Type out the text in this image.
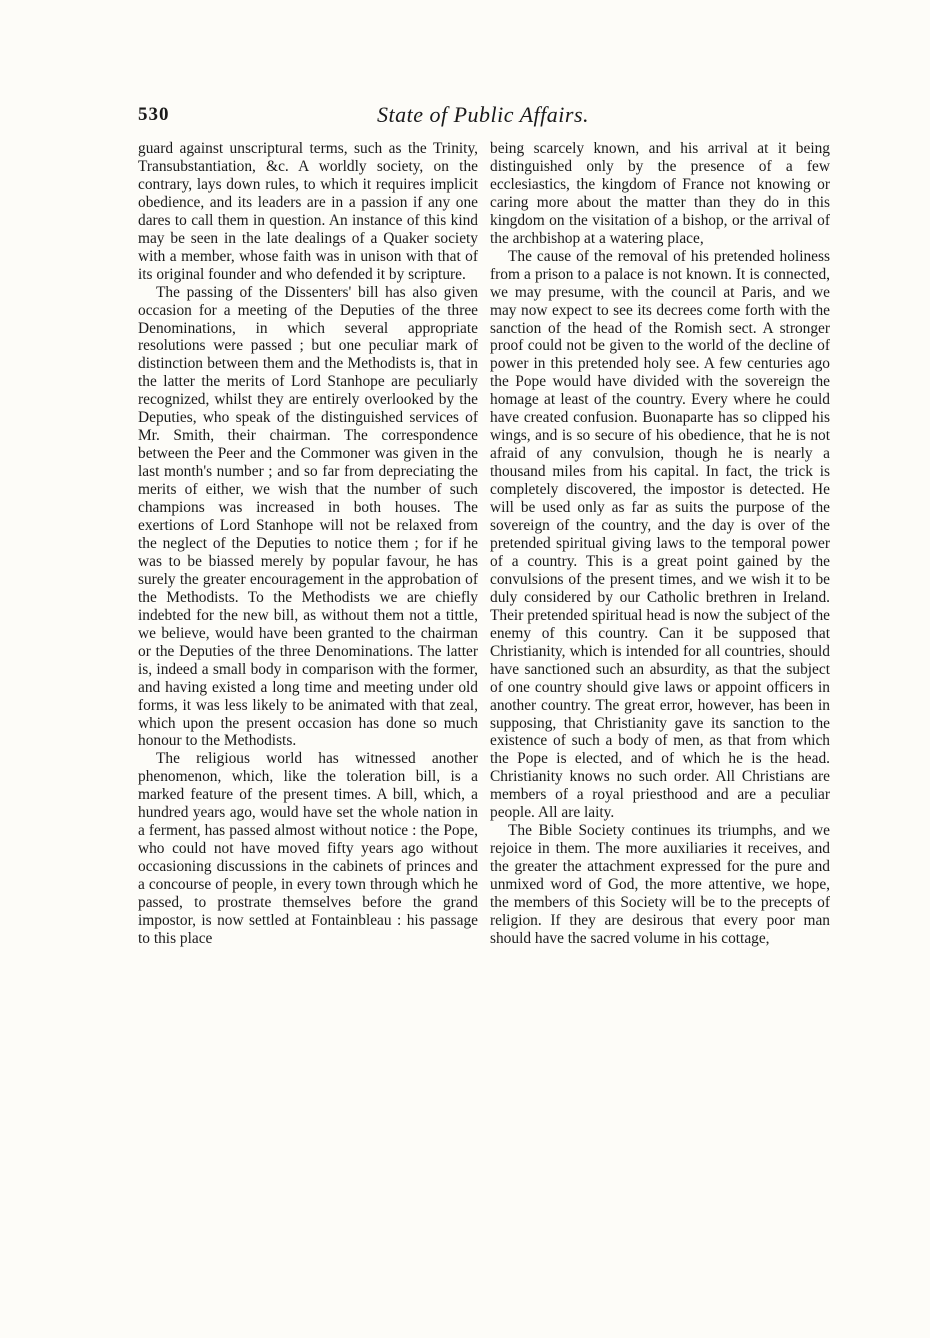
530	State of Public Affairs.

guard against unscriptural terms, such as the Trinity, Transubstantiation, &c. A worldly society, on the contrary, lays down rules, to which it requires implicit obedience, and its leaders are in a passion if any one dares to call them in question. An instance of this kind may be seen in the late dealings of a Quaker society with a member, whose faith was in unison with that of its original founder and who defended it by scripture.

The passing of the Dissenters' bill has also given occasion for a meeting of the Deputies of the three Denominations, in which several appropriate resolutions were passed ; but one peculiar mark of distinction between them and the Methodists is, that in the latter the merits of Lord Stanhope are peculiarly recognized, whilst they are entirely overlooked by the Deputies, who speak of the distinguished services of Mr. Smith, their chairman. The correspondence between the Peer and the Commoner was given in the last month's number ; and so far from depreciating the merits of either, we wish that the number of such champions was increased in both houses. The exertions of Lord Stanhope will not be relaxed from the neglect of the Deputies to notice them ; for if he was to be biassed merely by popular favour, he has surely the greater encouragement in the approbation of the Methodists. To the Methodists we are chiefly indebted for the new bill, as without them not a tittle, we believe, would have been granted to the chairman or the Deputies of the three Denominations. The latter is, indeed a small body in comparison with the former, and having existed a long time and meeting under old forms, it was less likely to be animated with that zeal, which upon the present occasion has done so much honour to the Methodists.

The religious world has witnessed another phenomenon, which, like the toleration bill, is a marked feature of the present times. A bill, which, a hundred years ago, would have set the whole nation in a ferment, has passed almost without notice : the Pope, who could not have moved fifty years ago without occasioning discussions in the cabinets of princes and a concourse of people, in every town through which he passed, to prostrate themselves before the grand impostor, is now settled at Fontainbleau : his passage to this place

being scarcely known, and his arrival at it being distinguished only by the presence of a few ecclesiastics, the kingdom of France not knowing or caring more about the matter than they do in this kingdom on the visitation of a bishop, or the arrival of the archbishop at a watering place,

The cause of the removal of his pretended holiness from a prison to a palace is not known. It is connected, we may presume, with the council at Paris, and we may now expect to see its decrees come forth with the sanction of the head of the Romish sect. A stronger proof could not be given to the world of the decline of power in this pretended holy see. A few centuries ago the Pope would have divided with the sovereign the homage at least of the country. Every where he could have created confusion. Buonaparte has so clipped his wings, and is so secure of his obedience, that he is not afraid of any convulsion, though he is nearly a thousand miles from his capital. In fact, the trick is completely discovered, the impostor is detected. He will be used only as far as suits the purpose of the sovereign of the country, and the day is over of the pretended spiritual giving laws to the temporal power of a country. This is a great point gained by the convulsions of the present times, and we wish it to be duly considered by our Catholic brethren in Ireland. Their pretended spiritual head is now the subject of the enemy of this country. Can it be supposed that Christianity, which is intended for all countries, should have sanctioned such an absurdity, as that the subject of one country should give laws or appoint officers in another country. The great error, however, has been in supposing, that Christianity gave its sanction to the existence of such a body of men, as that from which the Pope is elected, and of which he is the head. Christianity knows no such order. All Christians are members of a royal priesthood and are a peculiar people. All are laity.

The Bible Society continues its triumphs, and we rejoice in them. The more auxiliaries it receives, and the greater the attachment expressed for the pure and unmixed word of God, the more attentive, we hope, the members of this Society will be to the precepts of religion. If they are desirous that every poor man should have the sacred volume in his cottage,
